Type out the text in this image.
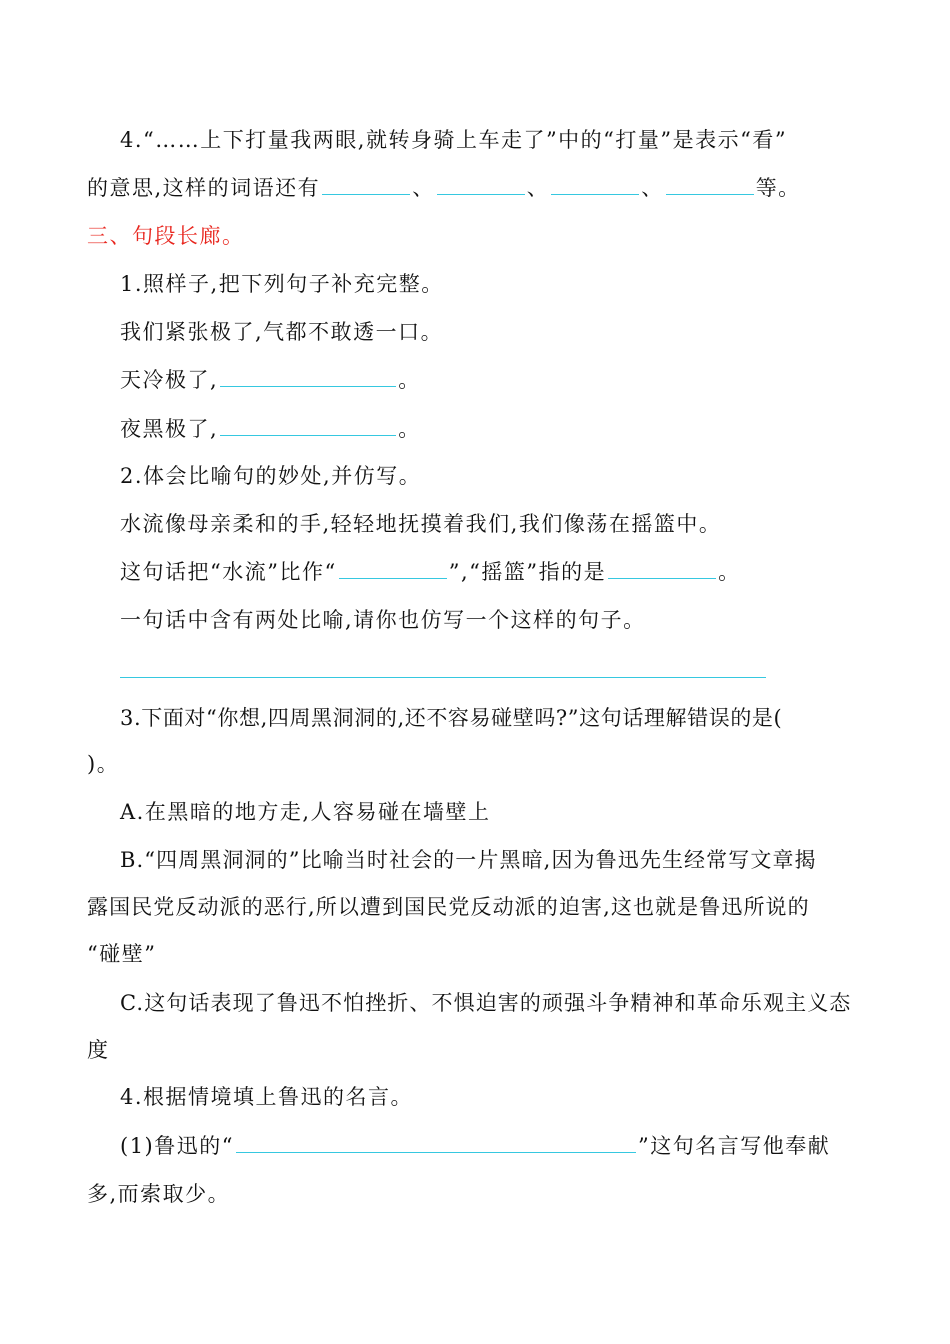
4.“……上下打量我两眼,就转身骑上车走了”中的“打量”是表示“看”
的意思,这样的词语还有	、	、	、	等。
三、句段长廊。
1.照样子,把下列句子补充完整。
我们紧张极了,气都不敢透一口。
天冷极了,	。
夜黑极了,	。
2.体会比喻句的妙处,并仿写。
水流像母亲柔和的手,轻轻地抚摸着我们,我们像荡在摇篮中。
这句话把“水流”比作“	”,“摇篮”指的是	。
一句话中含有两处比喻,请你也仿写一个这样的句子。
3.下面对“你想,四周黑洞洞的,还不容易碰壁吗?”这句话理解错误的是(
)。
A.在黑暗的地方走,人容易碰在墙壁上
B.“四周黑洞洞的”比喻当时社会的一片黑暗,因为鲁迅先生经常写文章揭
露国民党反动派的恶行,所以遭到国民党反动派的迫害,这也就是鲁迅所说的
“碰壁”
C.这句话表现了鲁迅不怕挫折、不惧迫害的顽强斗争精神和革命乐观主义态
度
4.根据情境填上鲁迅的名言。
(1)鲁迅的“	”这句名言写他奉献
多,而索取少。
